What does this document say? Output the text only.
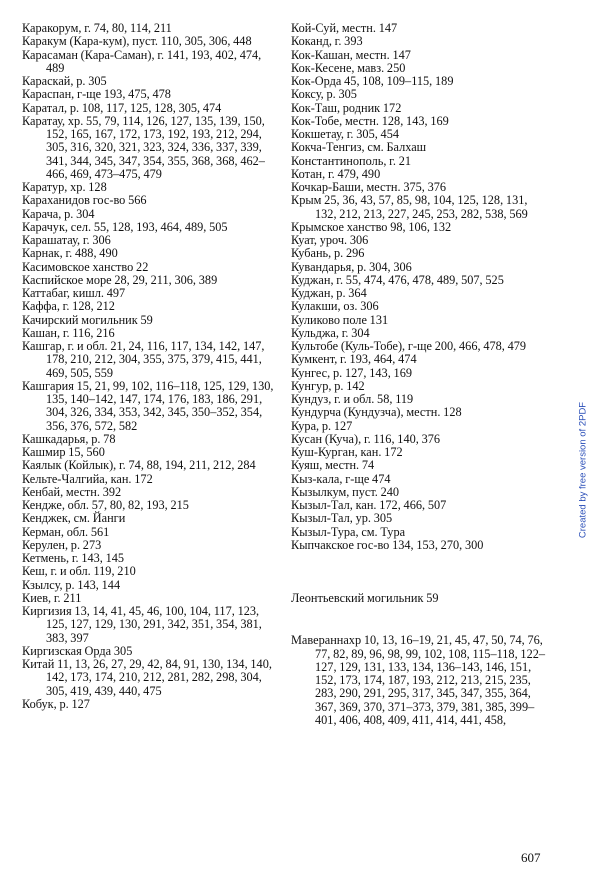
Каракорум, г. 74, 80, 114, 211
Каракум (Кара-кум), пуст. 110, 305, 306, 448
Карасаман (Кара-Саман), г. 141, 193, 402, 474, 489
Караскай, р. 305
Караспан, г-ще 193, 475, 478
Каратал, р. 108, 117, 125, 128, 305, 474
Каратау, хр. 55, 79, 114, 126, 127, 135, 139, 150, 152, 165, 167, 172, 173, 192, 193, 212, 294, 305, 316, 320, 321, 323, 324, 336, 337, 339, 341, 344, 345, 347, 354, 355, 368, 368, 462–466, 469, 473–475, 479
Каратур, хр. 128
Караханидов гос-во 566
Карача, р. 304
Карачук, сел. 55, 128, 193, 464, 489, 505
Карашатау, г. 306
Карнак, г. 488, 490
Касимовское ханство 22
Каспийское море 28, 29, 211, 306, 389
Каттабаг, кишл. 497
Каффа, г. 128, 212
Качирский могильник 59
Кашан, г. 116, 216
Кашгар, г. и обл. 21, 24, 116, 117, 134, 142, 147, 178, 210, 212, 304, 355, 375, 379, 415, 441, 469, 505, 559
Кашгария 15, 21, 99, 102, 116–118, 125, 129, 130, 135, 140–142, 147, 174, 176, 183, 186, 291, 304, 326, 334, 353, 342, 345, 350–352, 354, 356, 376, 572, 582
Кашкадарья, р. 78
Кашмир 15, 560
Каялык (Койлык), г. 74, 88, 194, 211, 212, 284
Кельте-Чалгийа, кан. 172
Кенбай, местн. 392
Кендже, обл. 57, 80, 82, 193, 215
Кенджек, см. Йанги
Керман, обл. 561
Керулен, р. 273
Кетмень, г. 143, 145
Кеш, г. и обл. 119, 210
Кзылсу, р. 143, 144
Киев, г. 211
Киргизия 13, 14, 41, 45, 46, 100, 104, 117, 123, 125, 127, 129, 130, 291, 342, 351, 354, 381, 383, 397
Киргизская Орда 305
Китай 11, 13, 26, 27, 29, 42, 84, 91, 130, 134, 140, 142, 173, 174, 210, 212, 281, 282, 298, 304, 305, 419, 439, 440, 475
Кобук, р. 127
Кой-Суй, местн. 147
Коканд, г. 393
Кок-Кашан, местн. 147
Кок-Кесене, мавз. 250
Кок-Орда 45, 108, 109–115, 189
Коксу, р. 305
Кок-Таш, родник 172
Кок-Тобе, местн. 128, 143, 169
Кокшетау, г. 305, 454
Кокча-Тенгиз, см. Балхаш
Константинополь, г. 21
Котан, г. 479, 490
Кочкар-Баши, местн. 375, 376
Крым 25, 36, 43, 57, 85, 98, 104, 125, 128, 131, 132, 212, 213, 227, 245, 253, 282, 538, 569
Крымское ханство 98, 106, 132
Куат, уроч. 306
Кубань, р. 296
Кувандарья, р. 304, 306
Куджан, г. 55, 474, 476, 478, 489, 507, 525
Куджан, р. 364
Кулакши, оз. 306
Куликово поле 131
Кульджа, г. 304
Культобе (Куль-Тобе), г-ще 200, 466, 478, 479
Кумкент, г. 193, 464, 474
Кунгес, р. 127, 143, 169
Кунгур, р. 142
Кундуз, г. и обл. 58, 119
Кундурча (Кундузча), местн. 128
Кура, р. 127
Кусан (Куча), г. 116, 140, 376
Куш-Курган, кан. 172
Куяш, местн. 74
Кыз-кала, г-ще 474
Кызылкум, пуст. 240
Кызыл-Тал, кан. 172, 466, 507
Кызыл-Тал, ур. 305
Кызыл-Тура, см. Тура
Кыпчакское гос-во 134, 153, 270, 300
Леонтьевский могильник 59
Мавераннахр 10, 13, 16–19, 21, 45, 47, 50, 74, 76, 77, 82, 89, 96, 98, 99, 102, 108, 115–118, 122–127, 129, 131, 133, 134, 136–143, 146, 151, 152, 173, 174, 187, 193, 212, 213, 215, 235, 283, 290, 291, 295, 317, 345, 347, 355, 364, 367, 369, 370, 371–373, 379, 381, 385, 399–401, 406, 408, 409, 411, 414, 441, 458,
607
Created by free version of 2PDF
